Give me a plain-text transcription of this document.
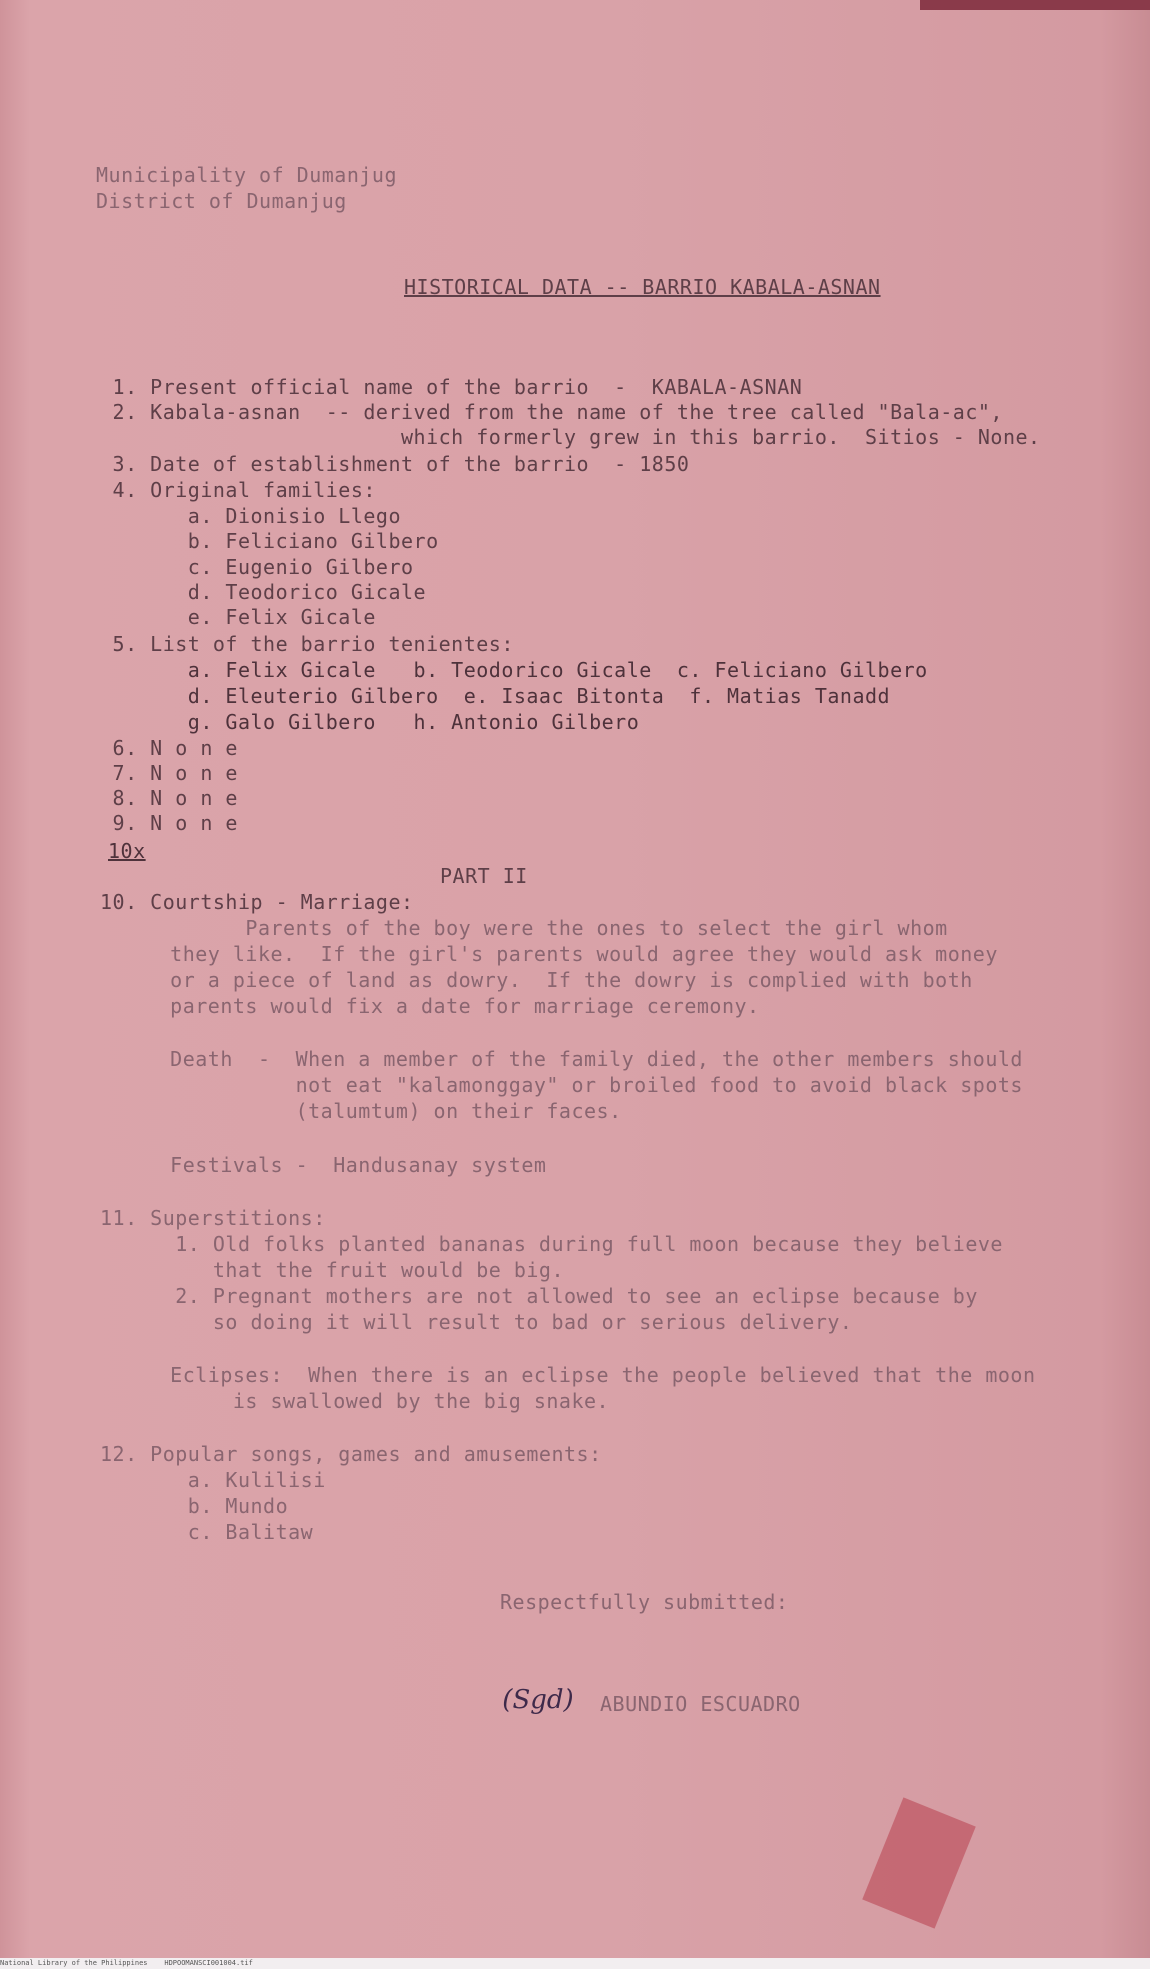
Municipality of Dumanjug
District of Dumanjug
HISTORICAL DATA -- BARRIO KABALA-ASNAN
1. Present official name of the barrio  -  KABALA-ASNAN
2. Kabala-asnan  -- derived from the name of the tree called "Bala-ac",
which formerly grew in this barrio.  Sitios - None.
3. Date of establishment of the barrio  - 1850
4. Original families:
a. Dionisio Llego
b. Feliciano Gilbero
c. Eugenio Gilbero
d. Teodorico Gicale
e. Felix Gicale
5. List of the barrio tenientes:
a. Felix Gicale   b. Teodorico Gicale  c. Feliciano Gilbero
d. Eleuterio Gilbero  e. Isaac Bitonta  f. Matias Tanadd
g. Galo Gilbero   h. Antonio Gilbero
6. N o n e
7. N o n e
8. N o n e
9. N o n e
10x
PART II
10. Courtship - Marriage:
Parents of the boy were the ones to select the girl whom
they like.  If the girl's parents would agree they would ask money
or a piece of land as dowry.  If the dowry is complied with both
parents would fix a date for marriage ceremony.
Death  -  When a member of the family died, the other members should
not eat "kalamonggay" or broiled food to avoid black spots
(talumtum) on their faces.
Festivals -  Handusanay system
11. Superstitions:
1. Old folks planted bananas during full moon because they believe
that the fruit would be big.
2. Pregnant mothers are not allowed to see an eclipse because by
so doing it will result to bad or serious delivery.
Eclipses:  When there is an eclipse the people believed that the moon
is swallowed by the big snake.
12. Popular songs, games and amusements:
a. Kulilisi
b. Mundo
c. Balitaw
Respectfully submitted:
(Sgd) ABUNDIO ESCUADRO
National Library of the Philippines    HDPOOMANSCI001004.tif
